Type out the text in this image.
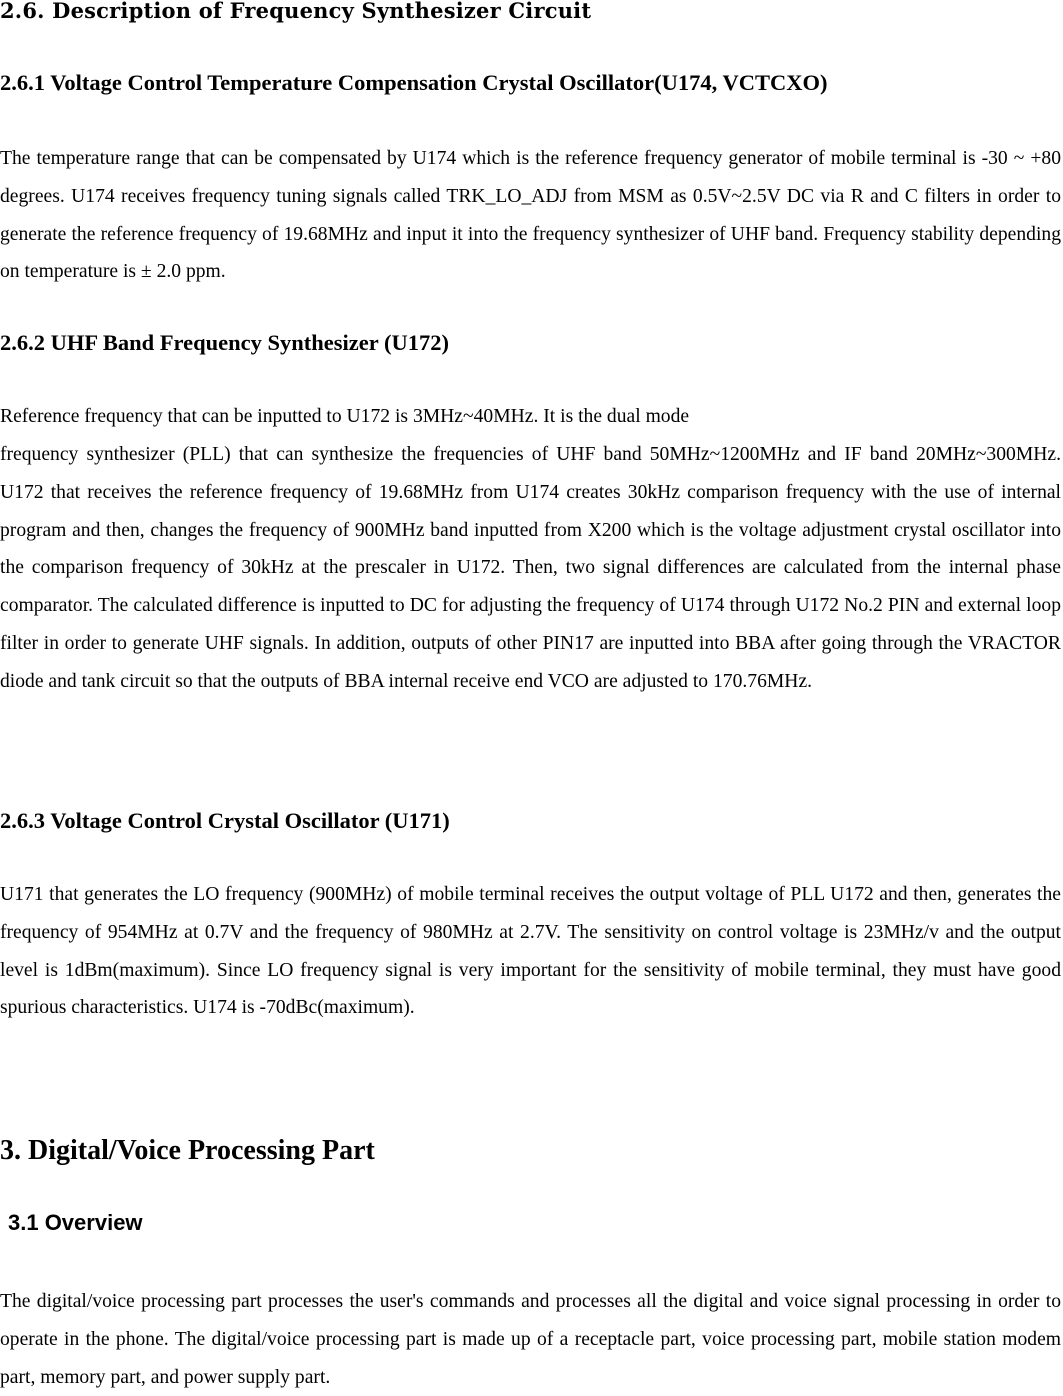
2.6. Description of Frequency Synthesizer Circuit
2.6.1 Voltage Control Temperature Compensation Crystal Oscillator(U174, VCTCXO)

The temperature range that can be compensated by U174 which is the reference frequency generator of mobile terminal is -30 ~ +80 degrees. U174 receives frequency tuning signals called TRK_LO_ADJ from MSM as 0.5V~2.5V DC via R and C filters in order to generate the reference frequency of 19.68MHz and input it into the frequency synthesizer of UHF band. Frequency stability depending on temperature is ± 2.0 ppm.

2.6.2 UHF Band Frequency Synthesizer (U172)

Reference frequency that can be inputted to U172 is 3MHz~40MHz. It is the dual mode

frequency synthesizer (PLL) that can synthesize the frequencies of UHF band 50MHz~1200MHz and IF band 20MHz~300MHz. U172 that receives the reference frequency of 19.68MHz from U174 creates 30kHz comparison frequency with the use of internal program and then, changes the frequency of 900MHz band inputted from X200 which is the voltage adjustment crystal oscillator into the comparison frequency of 30kHz at the prescaler in U172. Then, two signal differences are calculated from the internal phase comparator. The calculated difference is inputted to DC for adjusting the frequency of U174 through U172 No.2 PIN and external loop filter in order to generate UHF signals. In addition, outputs of other PIN17 are inputted into BBA after going through the VRACTOR diode and tank circuit so that the outputs of BBA internal receive end VCO are adjusted to 170.76MHz.

2.6.3 Voltage Control Crystal Oscillator (U171)

U171 that generates the LO frequency (900MHz) of mobile terminal receives the output voltage of PLL U172 and then, generates the frequency of 954MHz at 0.7V and the frequency of 980MHz at 2.7V. The sensitivity on control voltage is 23MHz/v and the output level is 1dBm(maximum). Since LO frequency signal is very important for the sensitivity of mobile terminal, they must have good spurious characteristics. U174 is -70dBc(maximum).

3. Digital/Voice Processing Part
3.1 Overview

The digital/voice processing part processes the user's commands and processes all the digital and voice signal processing in order to operate in the phone. The digital/voice processing part is made up of a receptacle part, voice processing part, mobile station modem part, memory part, and power supply part.
